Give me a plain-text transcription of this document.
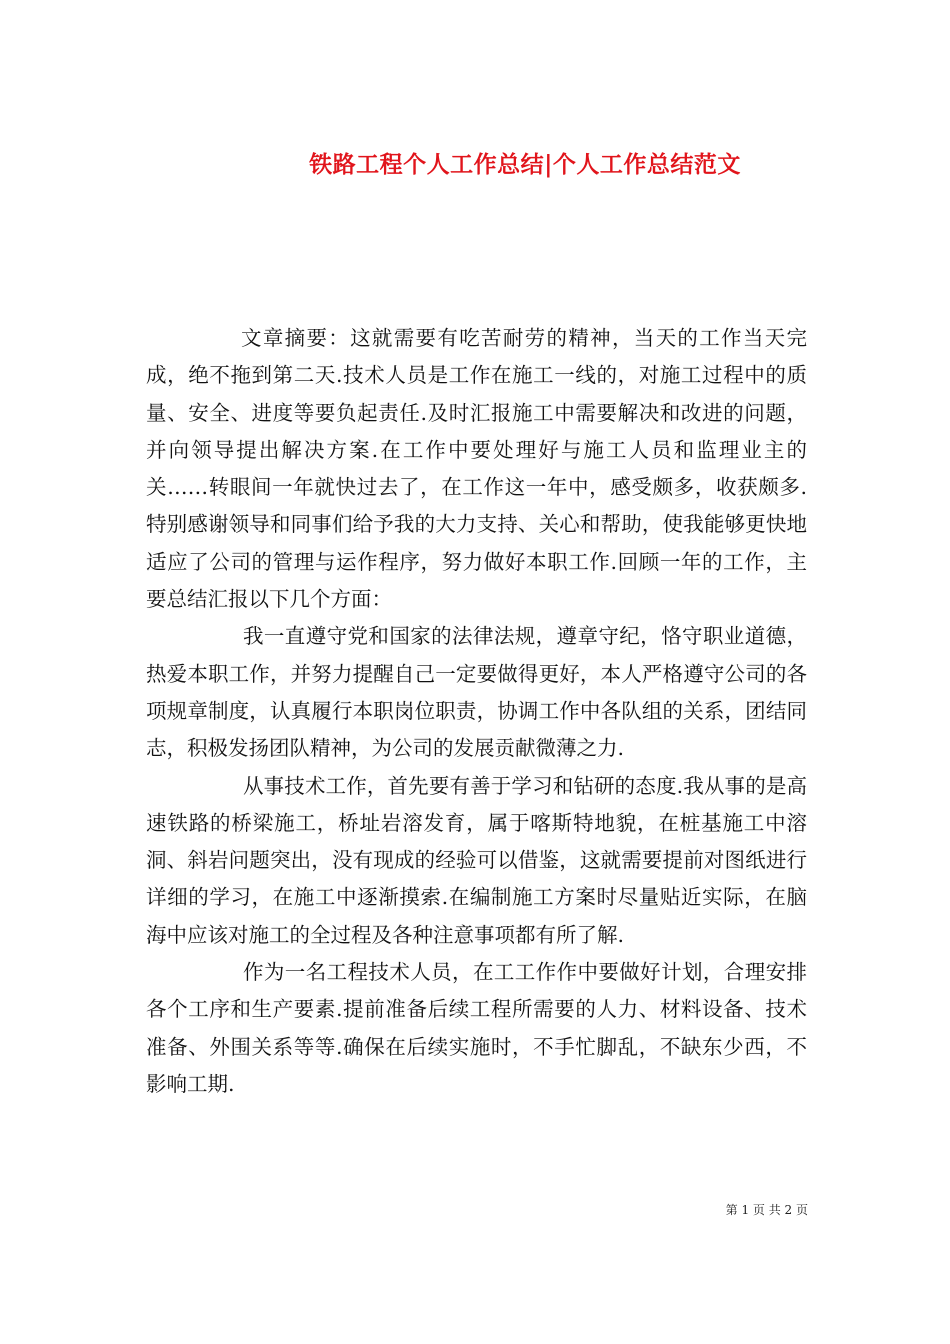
铁路工程个人工作总结|个人工作总结范文

文章摘要：这就需要有吃苦耐劳的精神，当天的工作当天完成，绝不拖到第二天.技术人员是工作在施工一线的，对施工过程中的质量、安全、进度等要负起责任.及时汇报施工中需要解决和改进的问题，并向领导提出解决方案.在工作中要处理好与施工人员和监理业主的关……转眼间一年就快过去了，在工作这一年中，感受颇多，收获颇多.特别感谢领导和同事们给予我的大力支持、关心和帮助，使我能够更快地适应了公司的管理与运作程序，努力做好本职工作.回顾一年的工作，主要总结汇报以下几个方面：

我一直遵守党和国家的法律法规，遵章守纪，恪守职业道德，热爱本职工作，并努力提醒自己一定要做得更好，本人严格遵守公司的各项规章制度，认真履行本职岗位职责，协调工作中各队组的关系，团结同志，积极发扬团队精神，为公司的发展贡献微薄之力.

从事技术工作，首先要有善于学习和钻研的态度.我从事的是高速铁路的桥梁施工，桥址岩溶发育，属于喀斯特地貌，在桩基施工中溶洞、斜岩问题突出，没有现成的经验可以借鉴，这就需要提前对图纸进行详细的学习，在施工中逐渐摸索.在编制施工方案时尽量贴近实际，在脑海中应该对施工的全过程及各种注意事项都有所了解.

作为一名工程技术人员，在工工作作中要做好计划，合理安排各个工序和生产要素.提前准备后续工程所需要的人力、材料设备、技术准备、外围关系等等.确保在后续实施时，不手忙脚乱，不缺东少西，不影响工期.

第 1 页 共 2 页
